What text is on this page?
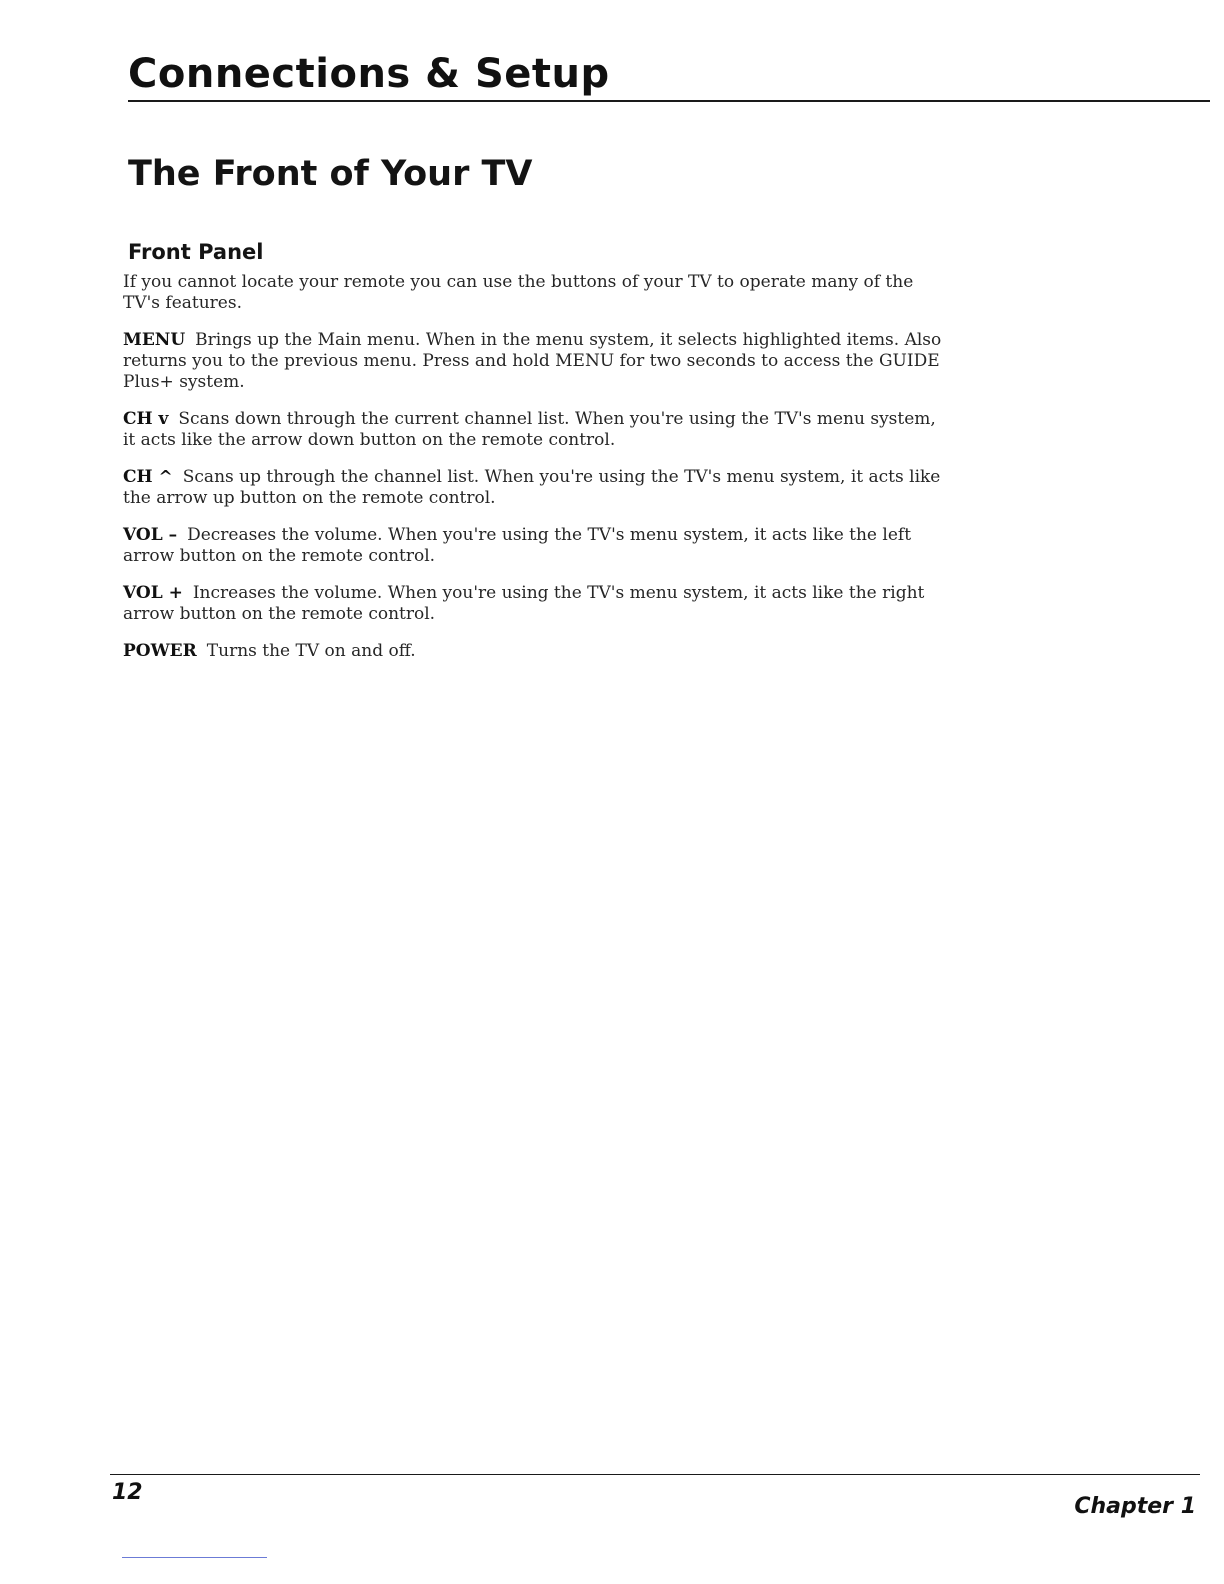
Connections & Setup
The Front of Your TV
Front Panel

If you cannot locate your remote you can use the buttons of your TV to operate many of the TV's features.

MENU Brings up the Main menu. When in the menu system, it selects highlighted items. Also returns you to the previous menu. Press and hold MENU for two seconds to access the GUIDE Plus+ system.

CH v Scans down through the current channel list. When you're using the TV's menu system, it acts like the arrow down button on the remote control.

CH ^ Scans up through the channel list. When you're using the TV's menu system, it acts like the arrow up button on the remote control.

VOL – Decreases the volume. When you're using the TV's menu system, it acts like the left arrow button on the remote control.

VOL + Increases the volume. When you're using the TV's menu system, it acts like the right arrow button on the remote control.

POWER Turns the TV on and off.

12
Chapter 1
